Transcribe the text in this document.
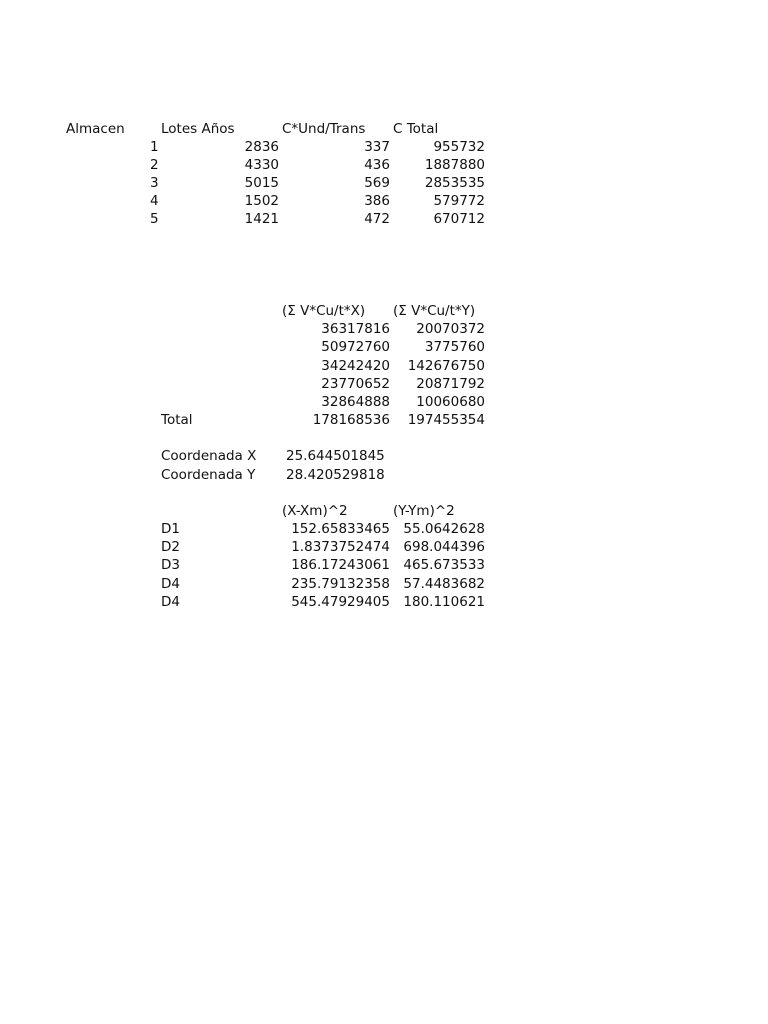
Almacen	Lotes Años	C*Und/Trans C Total
1	2836	337	955732
2	4330	436	1887880
3	5015	569	2853535
4	1502	386	579772
5	1421	472	670712
(Σ V*Cu/t*X) (Σ V*Cu/t*Y)
36317816	20070372
50972760	3775760
34242420	142676750
23770652	20871792
32864888	10060680
Total	178168536	197455354
Coordenada X 25.644501845
Coordenada Y 28.420529818
(X-Xm)^2	(Y-Ym)^2
D1	152.65833465 55.0642628
D2	1.8373752474 698.044396
D3	186.17243061 465.673533
D4	235.79132358 57.4483682
D4	545.47929405 180.110621
